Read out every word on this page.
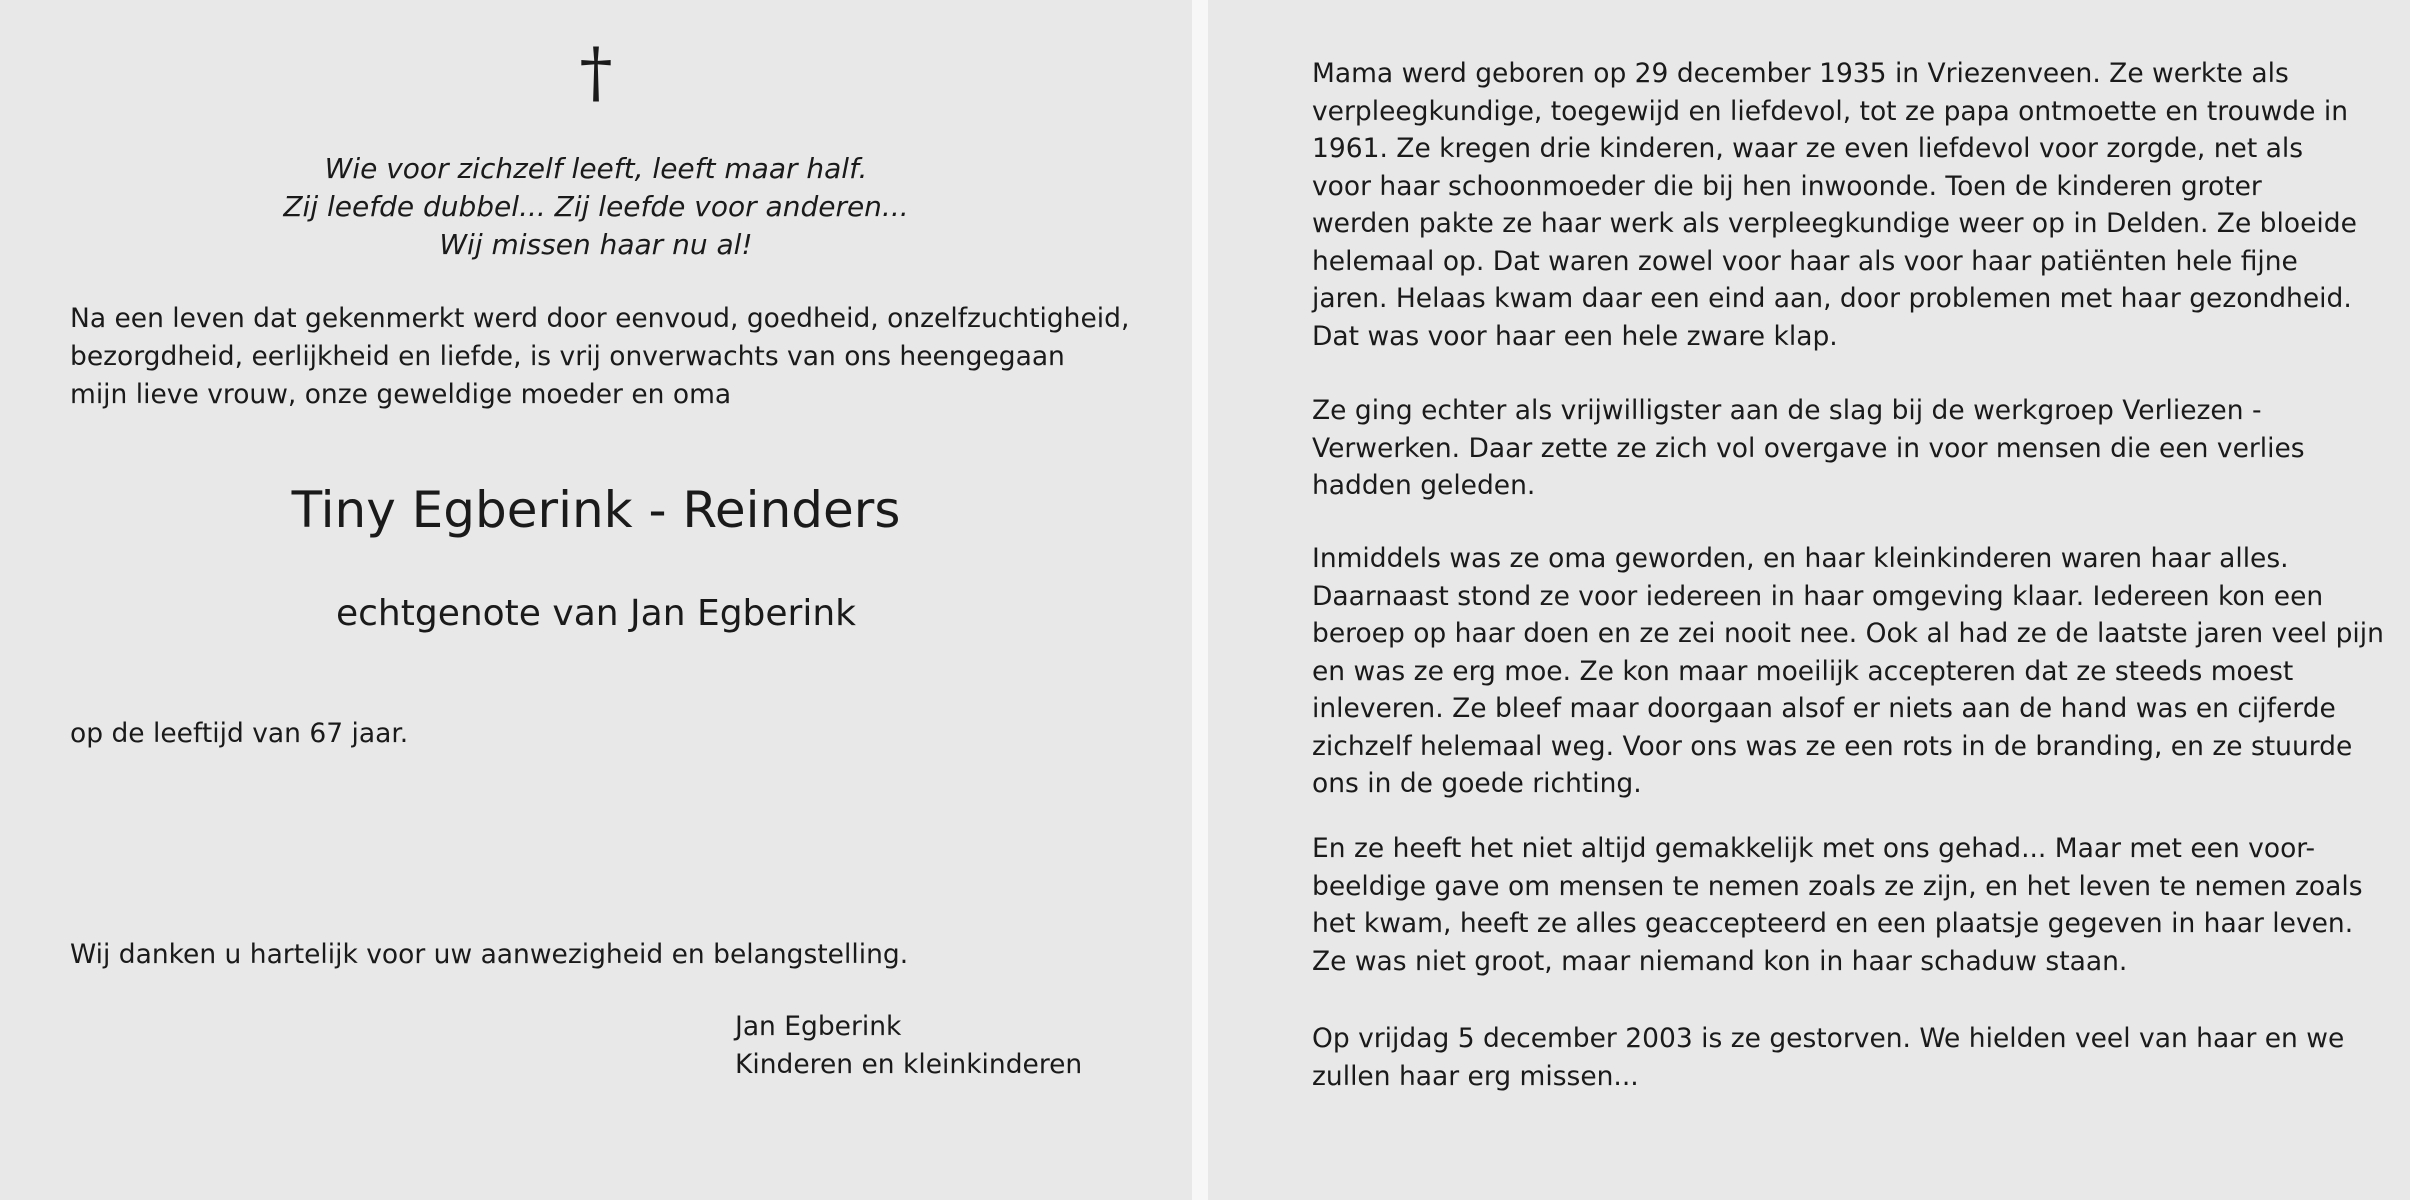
†
Wie voor zichzelf leeft, leeft maar half.
Zij leefde dubbel... Zij leefde voor anderen...
Wij missen haar nu al!
Na een leven dat gekenmerkt werd door eenvoud, goedheid, onzelfzuchtigheid,
bezorgdheid, eerlijkheid en liefde, is vrij onverwachts van ons heengegaan
mijn lieve vrouw, onze geweldige moeder en oma
Tiny Egberink - Reinders
echtgenote van Jan Egberink
op de leeftijd van 67 jaar.
Wij danken u hartelijk voor uw aanwezigheid en belangstelling.
Jan Egberink
Kinderen en kleinkinderen
Mama werd geboren op 29 december 1935 in Vriezenveen. Ze werkte als
verpleegkundige, toegewijd en liefdevol, tot ze papa ontmoette en trouwde in
1961. Ze kregen drie kinderen, waar ze even liefdevol voor zorgde, net als
voor haar schoonmoeder die bij hen inwoonde. Toen de kinderen groter
werden pakte ze haar werk als verpleegkundige weer op in Delden. Ze bloeide
helemaal op. Dat waren zowel voor haar als voor haar patiënten hele fijne
jaren. Helaas kwam daar een eind aan, door problemen met haar gezondheid.
Dat was voor haar een hele zware klap.
Ze ging echter als vrijwilligster aan de slag bij de werkgroep Verliezen -
Verwerken. Daar zette ze zich vol overgave in voor mensen die een verlies
hadden geleden.
Inmiddels was ze oma geworden, en haar kleinkinderen waren haar alles.
Daarnaast stond ze voor iedereen in haar omgeving klaar. Iedereen kon een
beroep op haar doen en ze zei nooit nee. Ook al had ze de laatste jaren veel pijn
en was ze erg moe. Ze kon maar moeilijk accepteren dat ze steeds moest
inleveren. Ze bleef maar doorgaan alsof er niets aan de hand was en cijferde
zichzelf helemaal weg. Voor ons was ze een rots in de branding, en ze stuurde
ons in de goede richting.
En ze heeft het niet altijd gemakkelijk met ons gehad... Maar met een voor-
beeldige gave om mensen te nemen zoals ze zijn, en het leven te nemen zoals
het kwam, heeft ze alles geaccepteerd en een plaatsje gegeven in haar leven.
Ze was niet groot, maar niemand kon in haar schaduw staan.
Op vrijdag 5 december 2003 is ze gestorven. We hielden veel van haar en we
zullen haar erg missen...
